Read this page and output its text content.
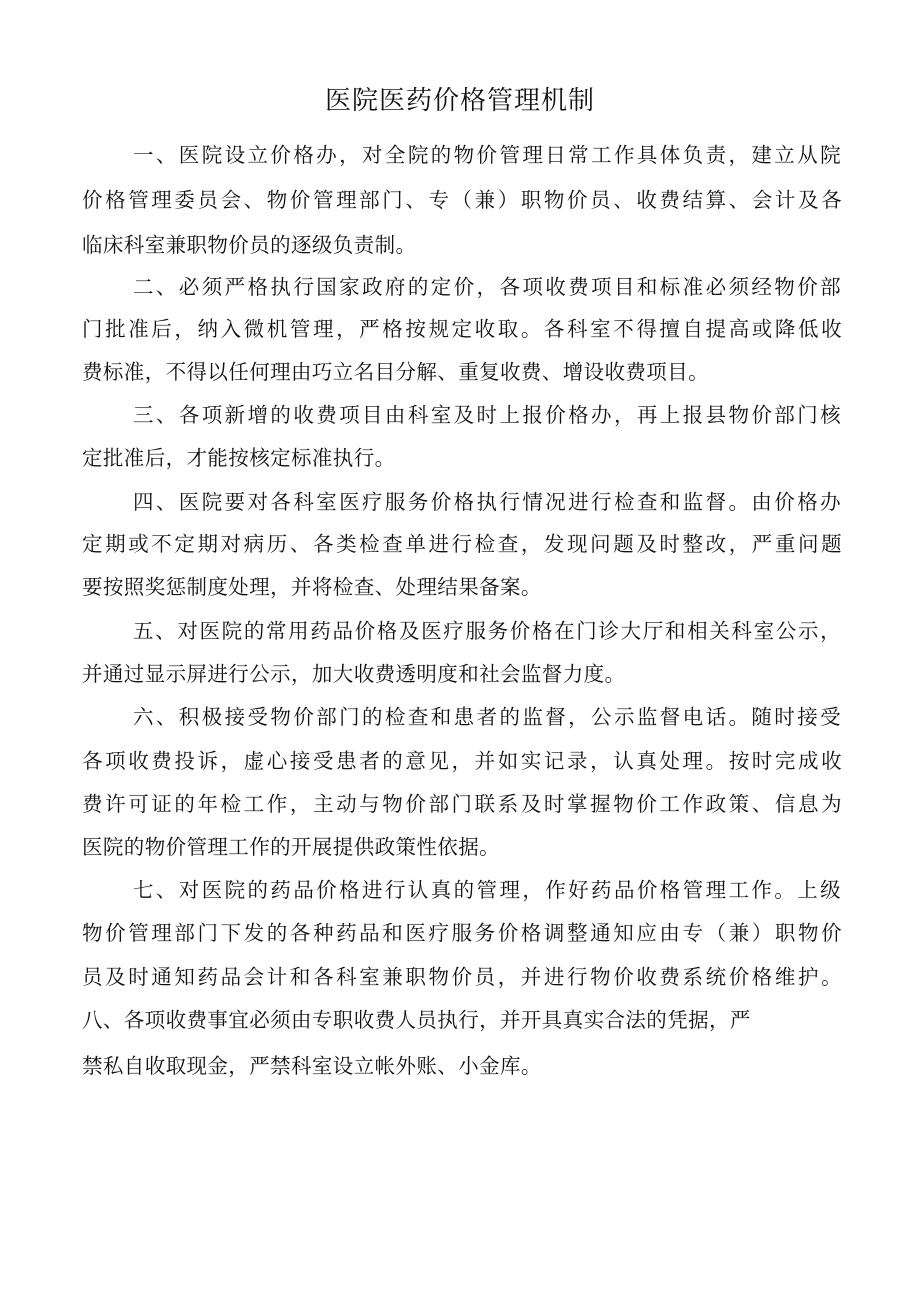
医院医药价格管理机制
一、医院设立价格办，对全院的物价管理日常工作具体负责，建立从院
价格管理委员会、物价管理部门、专（兼）职物价员、收费结算、会计及各
临床科室兼职物价员的逐级负责制。
二、必须严格执行国家政府的定价，各项收费项目和标准必须经物价部
门批准后，纳入微机管理，严格按规定收取。各科室不得擅自提高或降低收
费标准，不得以任何理由巧立名目分解、重复收费、增设收费项目。
三、各项新增的收费项目由科室及时上报价格办，再上报县物价部门核
定批准后，才能按核定标准执行。
四、医院要对各科室医疗服务价格执行情况进行检查和监督。由价格办
定期或不定期对病历、各类检查单进行检查，发现问题及时整改，严重问题
要按照奖惩制度处理，并将检查、处理结果备案。
五、对医院的常用药品价格及医疗服务价格在门诊大厅和相关科室公示，
并通过显示屏进行公示，加大收费透明度和社会监督力度。
六、积极接受物价部门的检查和患者的监督，公示监督电话。随时接受
各项收费投诉，虚心接受患者的意见，并如实记录，认真处理。按时完成收
费许可证的年检工作，主动与物价部门联系及时掌握物价工作政策、信息为
医院的物价管理工作的开展提供政策性依据。
七、对医院的药品价格进行认真的管理，作好药品价格管理工作。上级
物价管理部门下发的各种药品和医疗服务价格调整通知应由专（兼）职物价
员及时通知药品会计和各科室兼职物价员，并进行物价收费系统价格维护。
八、各项收费事宜必须由专职收费人员执行，并开具真实合法的凭据，严
禁私自收取现金，严禁科室设立帐外账、小金库。
